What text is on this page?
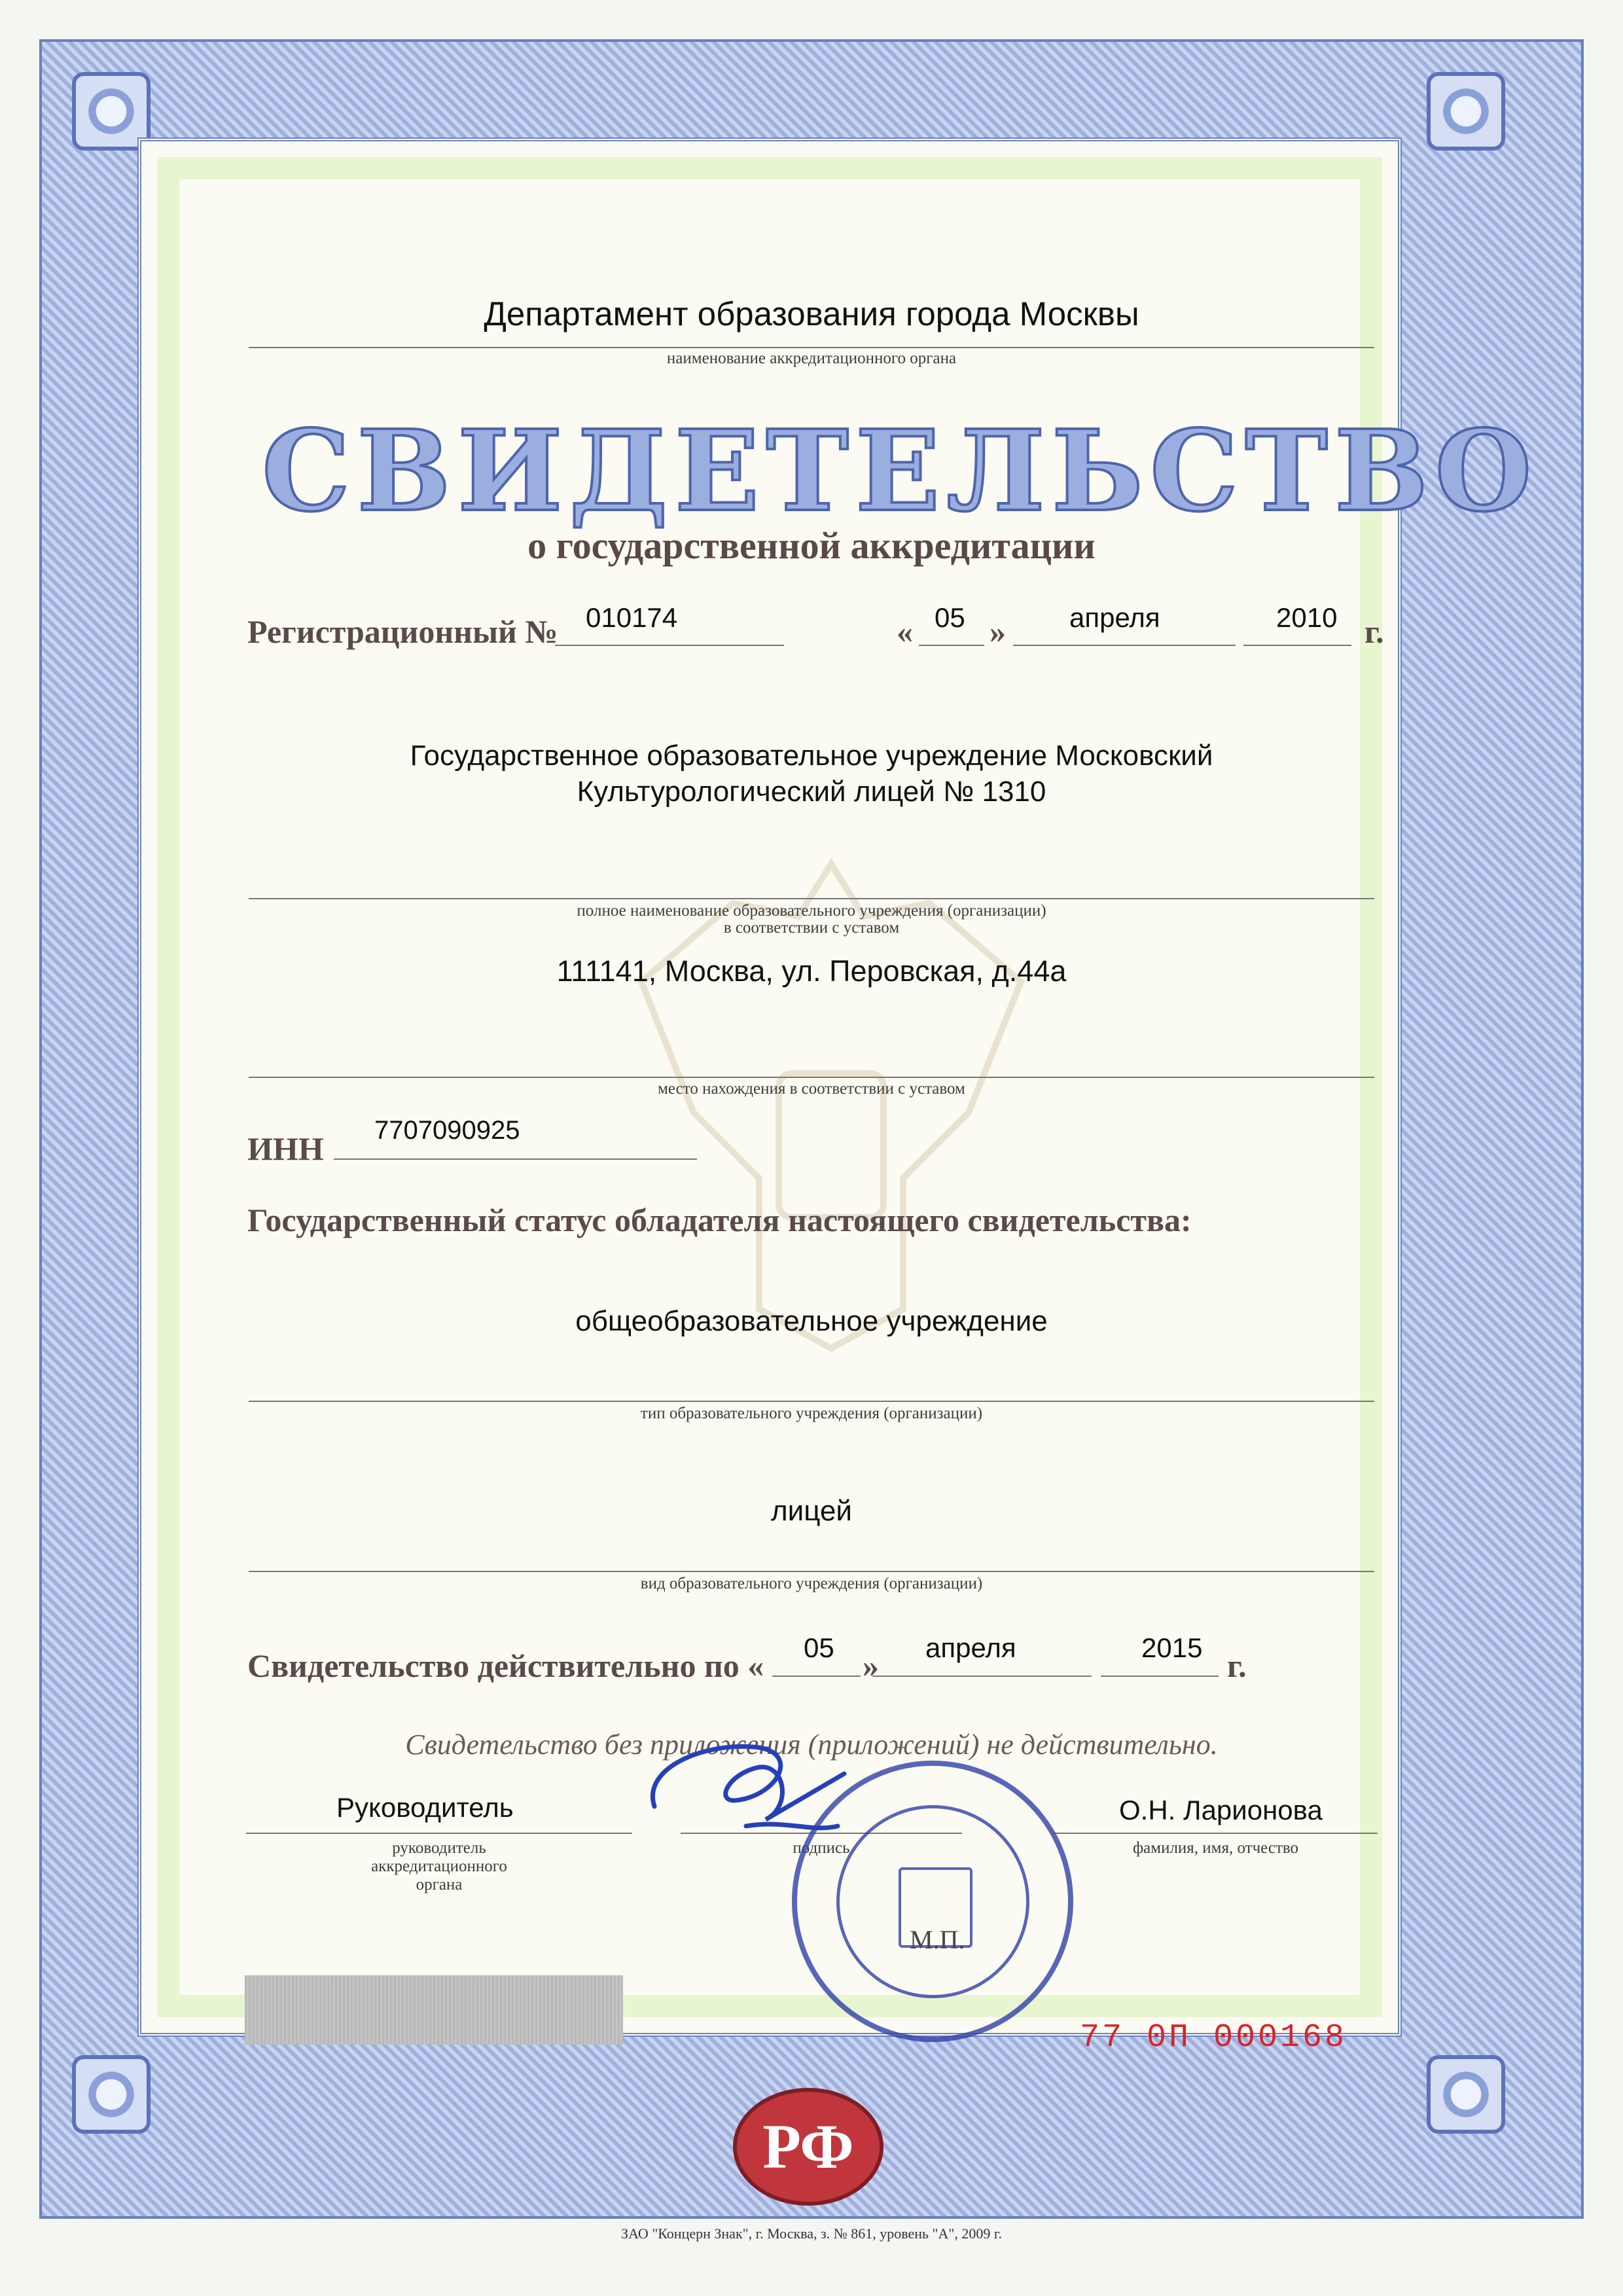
Департамент образования города Москвы
наименование аккредитационного органа
СВИДЕТЕЛЬСТВО
о государственной аккредитации
Регистрационный № 010174	« 05 » апреля	2010 г.
Государственное образовательное учреждение Московский
Культурологический лицей № 1310
полное наименование образовательного учреждения (организации)
в соответствии с уставом
111141, Москва, ул. Перовская, д.44а
место нахождения в соответствии с уставом
ИНН 7707090925
Государственный статус обладателя настоящего свидетельства:
общеобразовательное учреждение
тип образовательного учреждения (организации)
лицей
вид образовательного учреждения (организации)
Свидетельство действительно по « 05 » апреля	2015 г.
Свидетельство без приложения (приложений) не действительно.
Руководитель
руководитель
аккредитационного
органа
подпись
О.Н. Ларионова
фамилия, имя, отчество
М.П.
77 0П 000168
РФ
ЗАО "Концерн Знак", г. Москва, з. № 861, уровень "А", 2009 г.
